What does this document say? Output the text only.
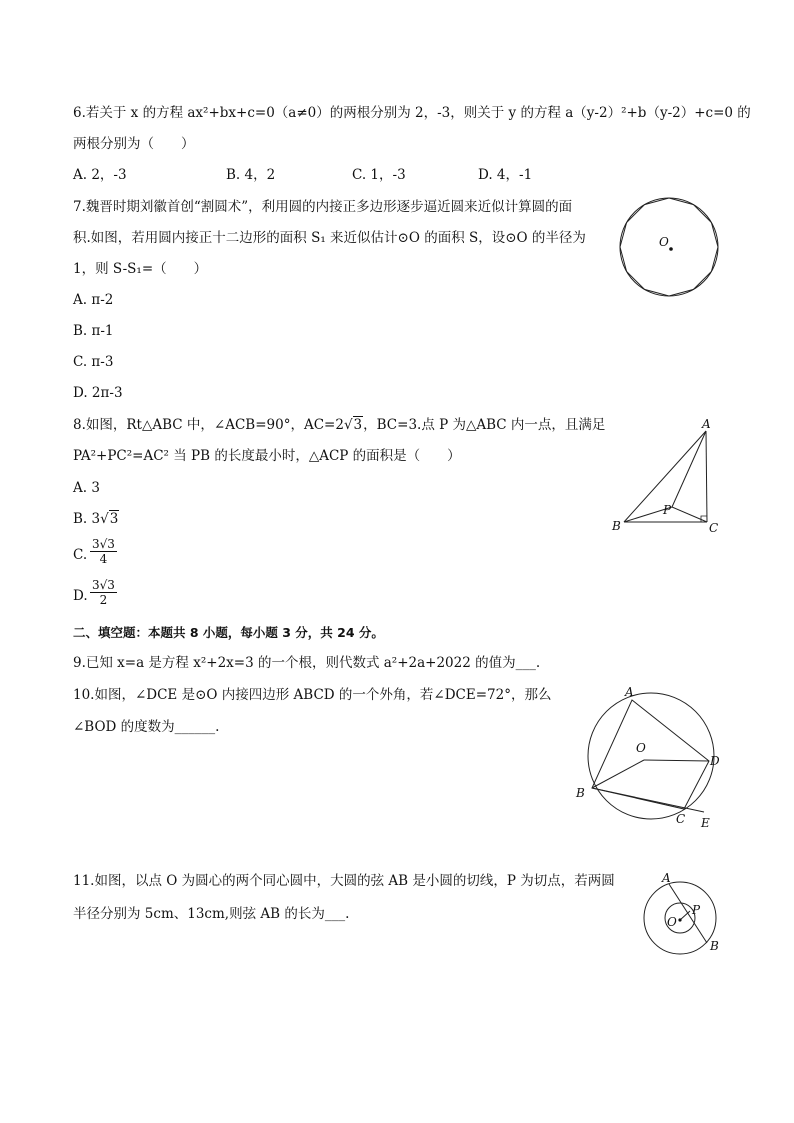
6.若关于 x 的方程 ax²+bx+c=0（a≠0）的两根分别为 2，-3，则关于 y 的方程 a（y-2）²+b（y-2）+c=0 的
两根分别为（　　）
A. 2，-3	B. 4，2	C. 1，-3	D. 4，-1
7.魏晋时期刘徽首创“割圆术”，利用圆的内接正多边形逐步逼近圆来近似计算圆的面
积.如图，若用圆内接正十二边形的面积 S₁ 来近似估计⊙O 的面积 S，设⊙O 的半径为
1，则 S-S₁=（　　）
A. π-2
B. π-1
C. π-3
D. 2π-3
O
8.如图，Rt△ABC 中，∠ACB=90°，AC=2√3，BC=3.点 P 为△ABC 内一点，且满足
PA²+PC²=AC² 当 PB 的长度最小时，△ACP 的面积是（　　）
A. 3
B. 3√3
C. $\frac{3√3}{4}$
D. $\frac{3√3}{2}$
A
B	C
P
二、填空题：本题共 8 小题，每小题 3 分，共 24 分。
9.已知 x=a 是方程 x²+2x=3 的一个根，则代数式 a²+2a+2022 的值为___.
10.如图，∠DCE 是⊙O 内接四边形 ABCD 的一个外角，若∠DCE=72°，那么
∠BOD 的度数为______.
A
O
D
B
C E
11.如图，以点 O 为圆心的两个同心圆中，大圆的弦 AB 是小圆的切线，P 为切点，若两圆
半径分别为 5cm、13cm,则弦 AB 的长为___.
A
O
P
B
